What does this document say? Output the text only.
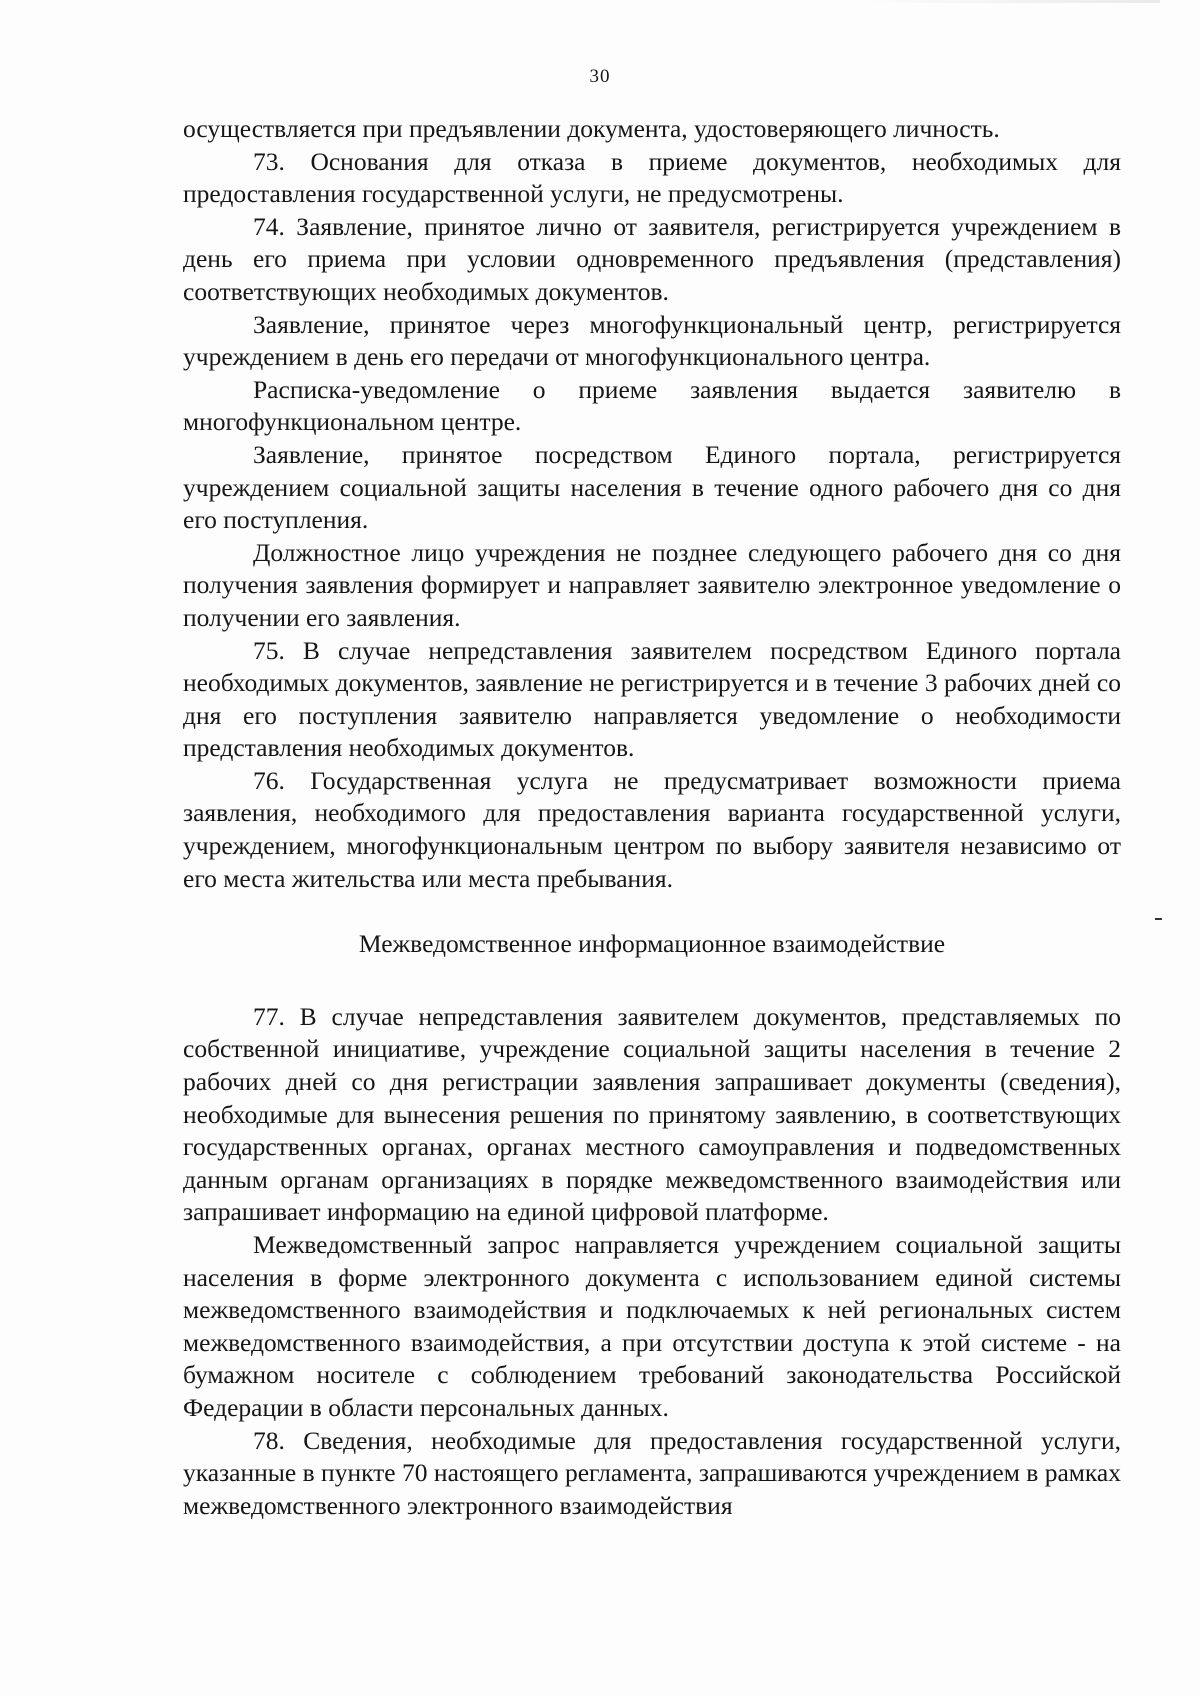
30

осуществляется при предъявлении документа, удостоверяющего личность.

73. Основания для отказа в приеме документов, необходимых для предоставления государственной услуги, не предусмотрены.

74. Заявление, принятое лично от заявителя, регистрируется учреждением в день его приема при условии одновременного предъявления (представления) соответствующих необходимых документов.

Заявление, принятое через многофункциональный центр, регистрируется учреждением в день его передачи от многофункционального центра.

Расписка-уведомление о приеме заявления выдается заявителю в многофункциональном центре.

Заявление, принятое посредством Единого портала, регистрируется учреждением социальной защиты населения в течение одного рабочего дня со дня его поступления.

Должностное лицо учреждения не позднее следующего рабочего дня со дня получения заявления формирует и направляет заявителю электронное уведомление о получении его заявления.

75. В случае непредставления заявителем посредством Единого портала необходимых документов, заявление не регистрируется и в течение 3 рабочих дней со дня его поступления заявителю направляется уведомление о необходимости представления необходимых документов.

76. Государственная услуга не предусматривает возможности приема заявления, необходимого для предоставления варианта государственной услуги, учреждением, многофункциональным центром по выбору заявителя независимо от его места жительства или места пребывания.

Межведомственное информационное взаимодействие

77. В случае непредставления заявителем документов, представляемых по собственной инициативе, учреждение социальной защиты населения в течение 2 рабочих дней со дня регистрации заявления запрашивает документы (сведения), необходимые для вынесения решения по принятому заявлению, в соответствующих государственных органах, органах местного самоуправления и подведомственных данным органам организациях в порядке межведомственного взаимодействия или запрашивает информацию на единой цифровой платформе.

Межведомственный запрос направляется учреждением социальной защиты населения в форме электронного документа с использованием единой системы межведомственного взаимодействия и подключаемых к ней региональных систем межведомственного взаимодействия, а при отсутствии доступа к этой системе - на бумажном носителе с соблюдением требований законодательства Российской Федерации в области персональных данных.

78. Сведения, необходимые для предоставления государственной услуги, указанные в пункте 70 настоящего регламента, запрашиваются учреждением в рамках межведомственного электронного взаимодействия
